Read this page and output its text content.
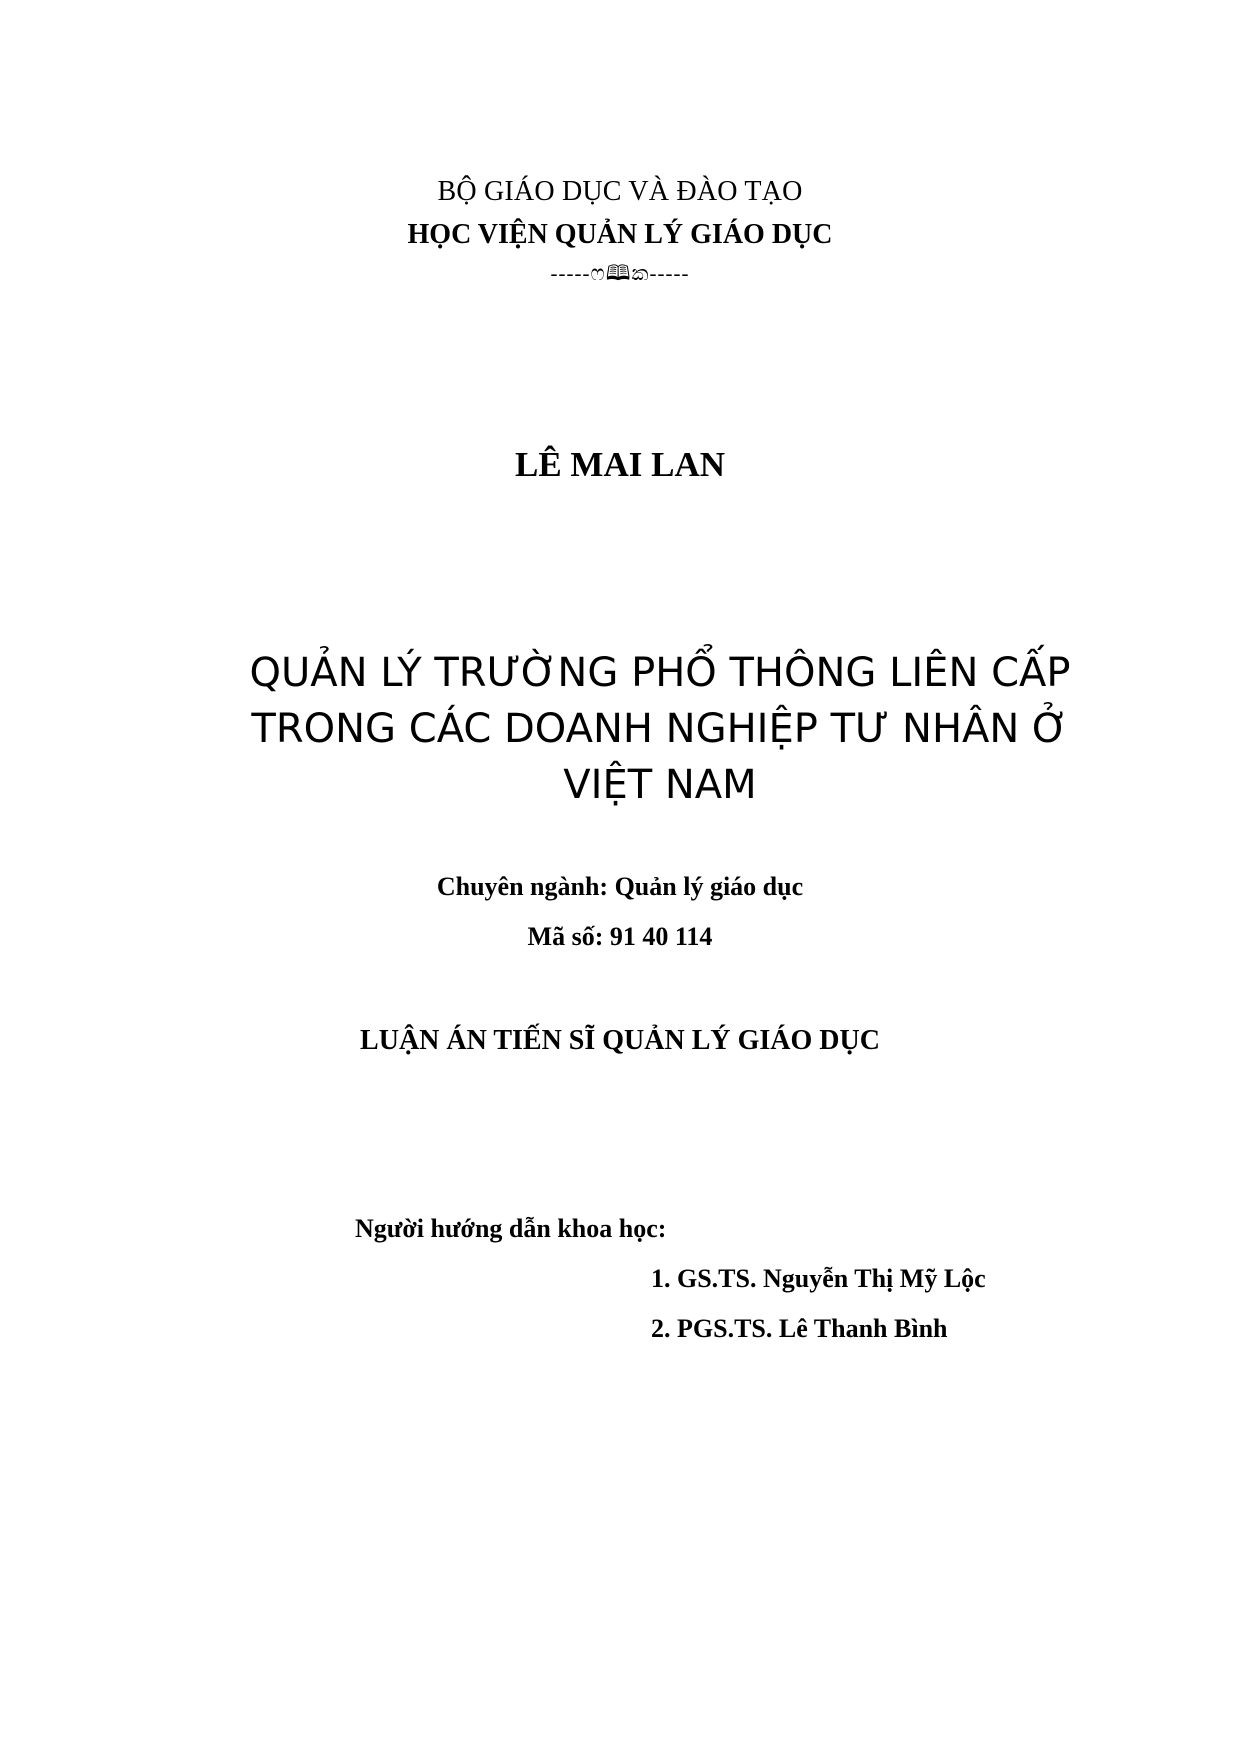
BỘ GIÁO DỤC VÀ ĐÀO TẠO
HỌC VIỆN QUẢN LÝ GIÁO DỤC
-----ෆ🕮ක-----
LÊ MAI LAN
QUẢN LÝ TRƯỜNG PHỔ THÔNG LIÊN CẤP
TRONG CÁC DOANH NGHIỆP TƯ NHÂN Ở
VIỆT NAM
Chuyên ngành: Quản lý giáo dục
Mã số: 91 40 114
LUẬN ÁN TIẾN SĨ QUẢN LÝ GIÁO DỤC
Người hướng dẫn khoa học:
1. GS.TS. Nguyễn Thị Mỹ Lộc
2. PGS.TS. Lê Thanh Bình
